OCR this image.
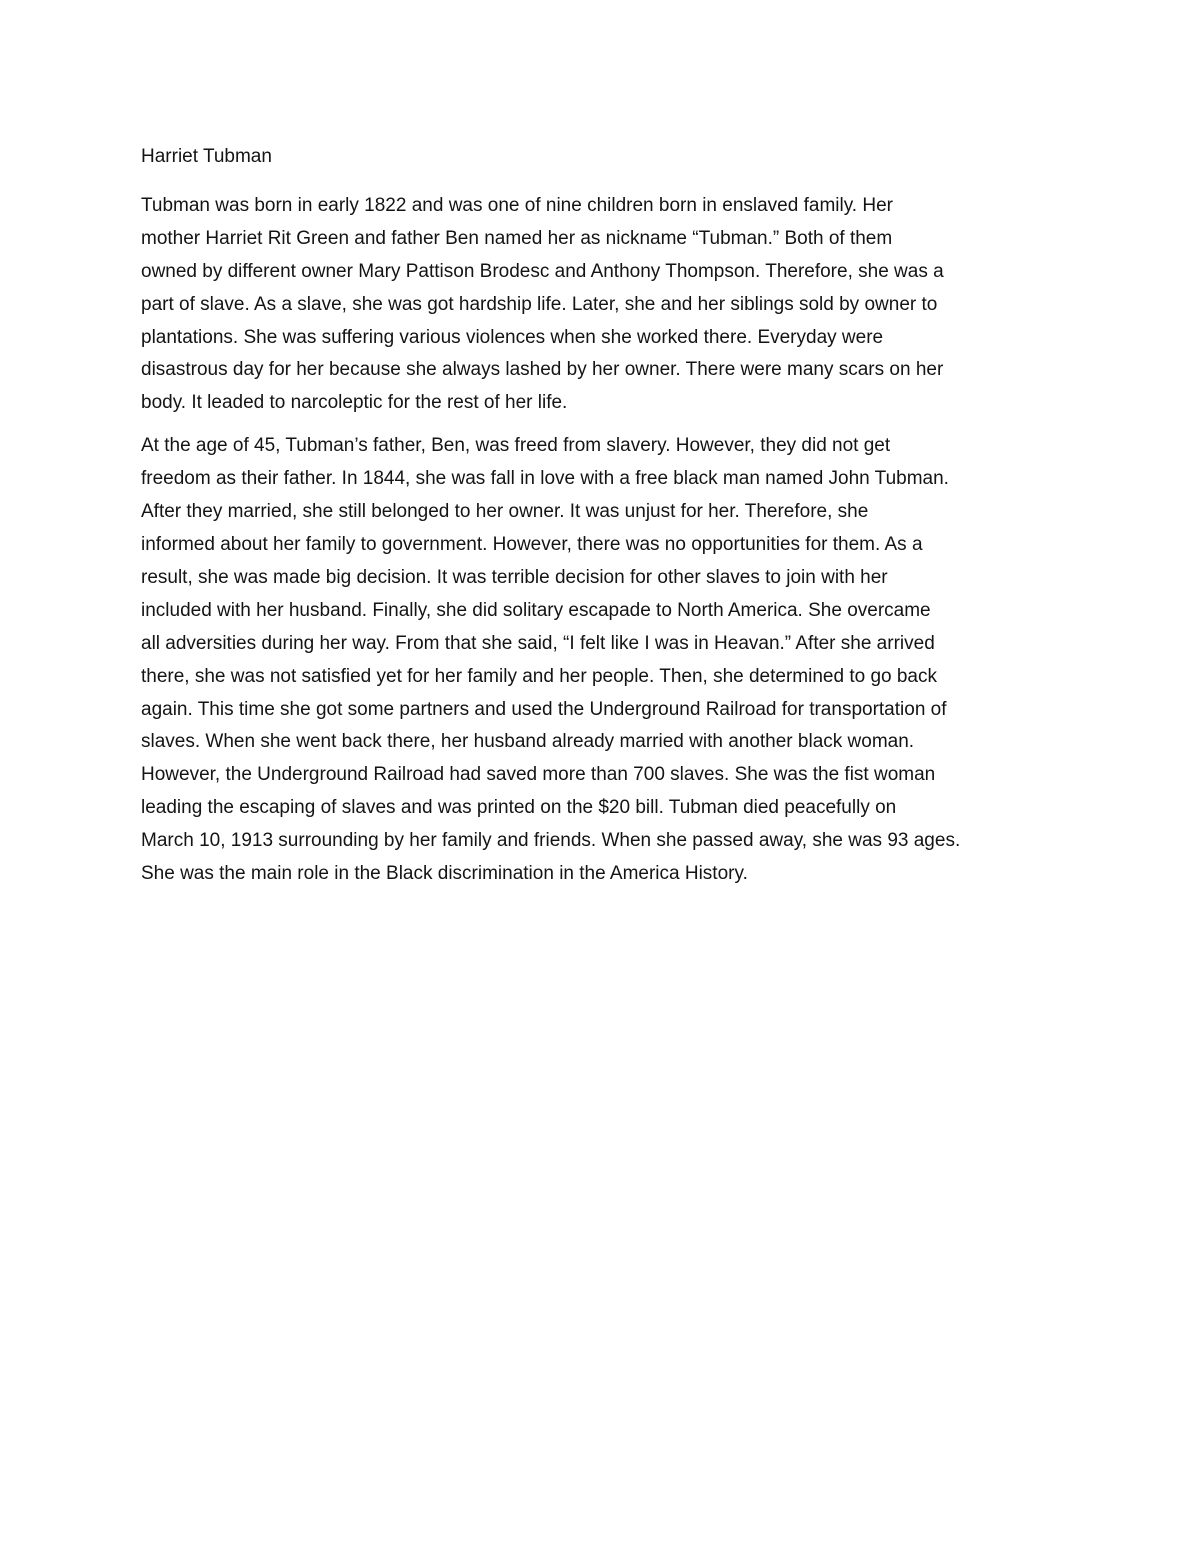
Harriet Tubman

Tubman was born in early 1822 and was one of nine children born in enslaved family. Her
mother Harriet Rit Green and father Ben named her as nickname “Tubman.” Both of them
owned by different owner Mary Pattison Brodesc and Anthony Thompson. Therefore, she was a
part of slave. As a slave, she was got hardship life. Later, she and her siblings sold by owner to
plantations. She was suffering various violences when she worked there. Everyday were
disastrous day for her because she always lashed by her owner. There were many scars on her
body. It leaded to narcoleptic for the rest of her life.

At the age of 45, Tubman’s father, Ben, was freed from slavery. However, they did not get
freedom as their father. In 1844, she was fall in love with a free black man named John Tubman.
After they married, she still belonged to her owner. It was unjust for her. Therefore, she
informed about her family to government. However, there was no opportunities for them. As a
result, she was made big decision. It was terrible decision for other slaves to join with her
included with her husband. Finally, she did solitary escapade to North America. She overcame
all adversities during her way. From that she said, “I felt like I was in Heavan.” After she arrived
there, she was not satisfied yet for her family and her people. Then, she determined to go back
again. This time she got some partners and used the Underground Railroad for transportation of
slaves. When she went back there, her husband already married with another black woman.
However, the Underground Railroad had saved more than 700 slaves. She was the fist woman
leading the escaping of slaves and was printed on the $20 bill. Tubman died peacefully on
March 10, 1913 surrounding by her family and friends. When she passed away, she was 93 ages.
She was the main role in the Black discrimination in the America History.
